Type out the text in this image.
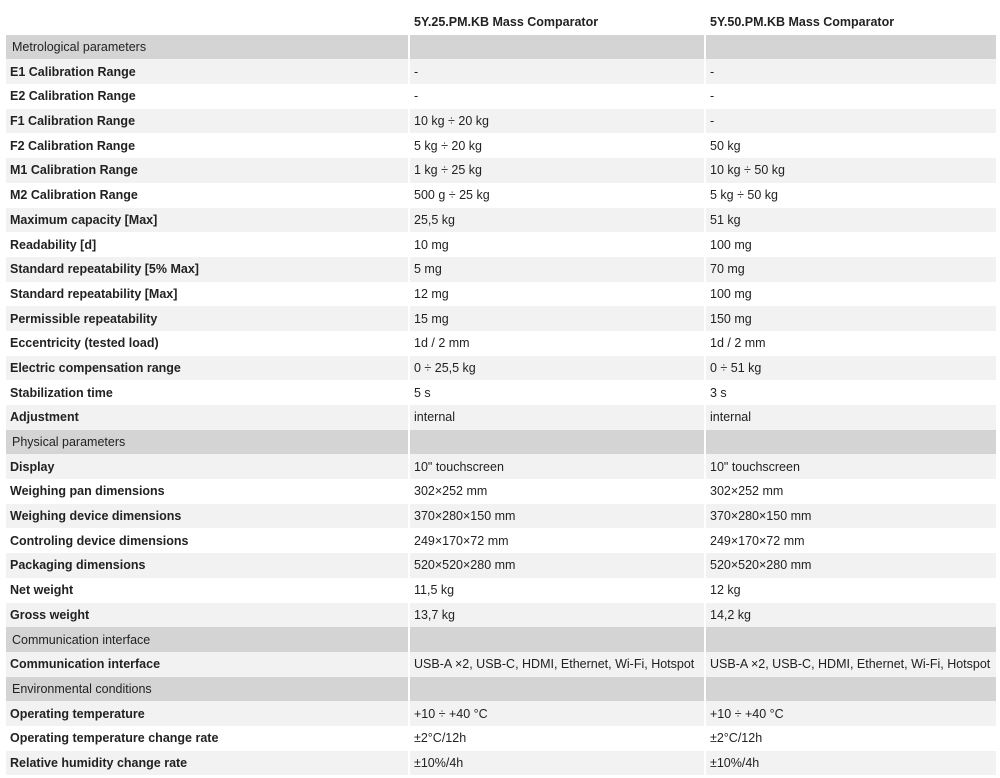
	5Y.25.PM.KB Mass Comparator	5Y.50.PM.KB Mass Comparator
Metrological parameters		
E1 Calibration Range	-	-
E2 Calibration Range	-	-
F1 Calibration Range	10 kg ÷ 20 kg	-
F2 Calibration Range	5 kg ÷ 20 kg	50 kg
M1 Calibration Range	1 kg ÷ 25 kg	10 kg ÷ 50 kg
M2 Calibration Range	500 g ÷ 25 kg	5 kg ÷ 50 kg
Maximum capacity [Max]	25,5 kg	51 kg
Readability [d]	10 mg	100 mg
Standard repeatability [5% Max]	5 mg	70 mg
Standard repeatability [Max]	12 mg	100 mg
Permissible repeatability	15 mg	150 mg
Eccentricity (tested load)	1d / 2 mm	1d / 2 mm
Electric compensation range	0 ÷ 25,5 kg	0 ÷ 51 kg
Stabilization time	5 s	3 s
Adjustment	internal	internal
Physical parameters		
Display	10" touchscreen	10" touchscreen
Weighing pan dimensions	302×252 mm	302×252 mm
Weighing device dimensions	370×280×150 mm	370×280×150 mm
Controling device dimensions	249×170×72 mm	249×170×72 mm
Packaging dimensions	520×520×280 mm	520×520×280 mm
Net weight	11,5 kg	12 kg
Gross weight	13,7 kg	14,2 kg
Communication interface		
Communication interface	USB-A ×2, USB-C, HDMI, Ethernet, Wi-Fi, Hotspot	USB-A ×2, USB-C, HDMI, Ethernet, Wi-Fi, Hotspot
Environmental conditions		
Operating temperature	+10 ÷ +40 °C	+10 ÷ +40 °C
Operating temperature change rate	±2°C/12h	±2°C/12h
Relative humidity change rate	±10%/4h	±10%/4h
